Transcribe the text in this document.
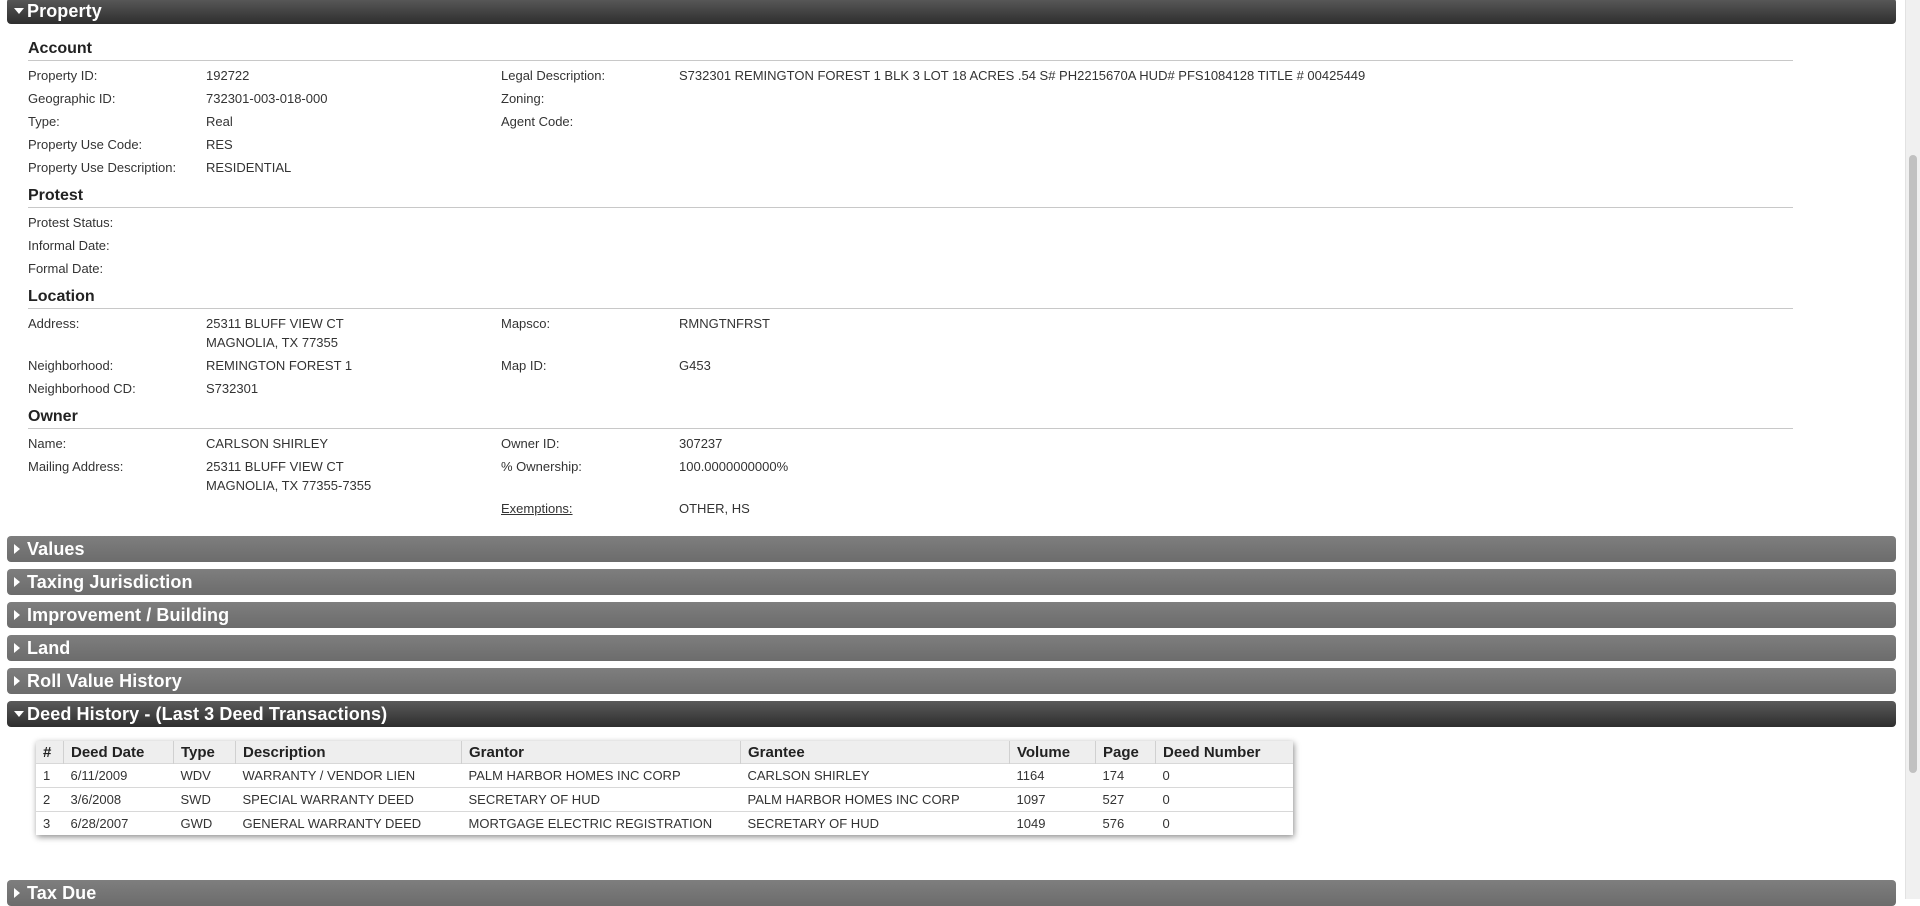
Property
Account
Property ID:	192722
Geographic ID:	732301-003-018-000
Type:	Real
Property Use Code:	RES
Property Use Description: RESIDENTIAL
Legal Description:	S732301 REMINGTON FOREST 1 BLK 3 LOT 18 ACRES .54 S# PH2215670A HUD# PFS1084128 TITLE # 00425449
Zoning:
Agent Code:
Protest
Protest Status:
Informal Date:
Formal Date:
Location
Address:	25311 BLUFF VIEW CT
MAGNOLIA, TX 77355
Neighborhood:	REMINGTON FOREST 1
Neighborhood CD:	S732301
Mapsco:	RMNGTNFRST
Map ID:	G453
Owner
Name:	CARLSON SHIRLEY
Mailing Address:	25311 BLUFF VIEW CT
MAGNOLIA, TX 77355-7355
Owner ID:	307237
% Ownership:	100.0000000000%
Exemptions:	OTHER, HS
Values
Taxing Jurisdiction
Improvement / Building
Land
Roll Value History
Deed History - (Last 3 Deed Transactions)
#	Deed Date	Type	Description	Grantor	Grantee	Volume	Page	Deed Number
1	6/11/2009	WDV	WARRANTY / VENDOR LIEN	PALM HARBOR HOMES INC CORP	CARLSON SHIRLEY	1164	174	0
2	3/6/2008	SWD	SPECIAL WARRANTY DEED	SECRETARY OF HUD	PALM HARBOR HOMES INC CORP	1097	527	0
3	6/28/2007	GWD	GENERAL WARRANTY DEED	MORTGAGE ELECTRIC REGISTRATION	SECRETARY OF HUD	1049	576	0
Tax Due
